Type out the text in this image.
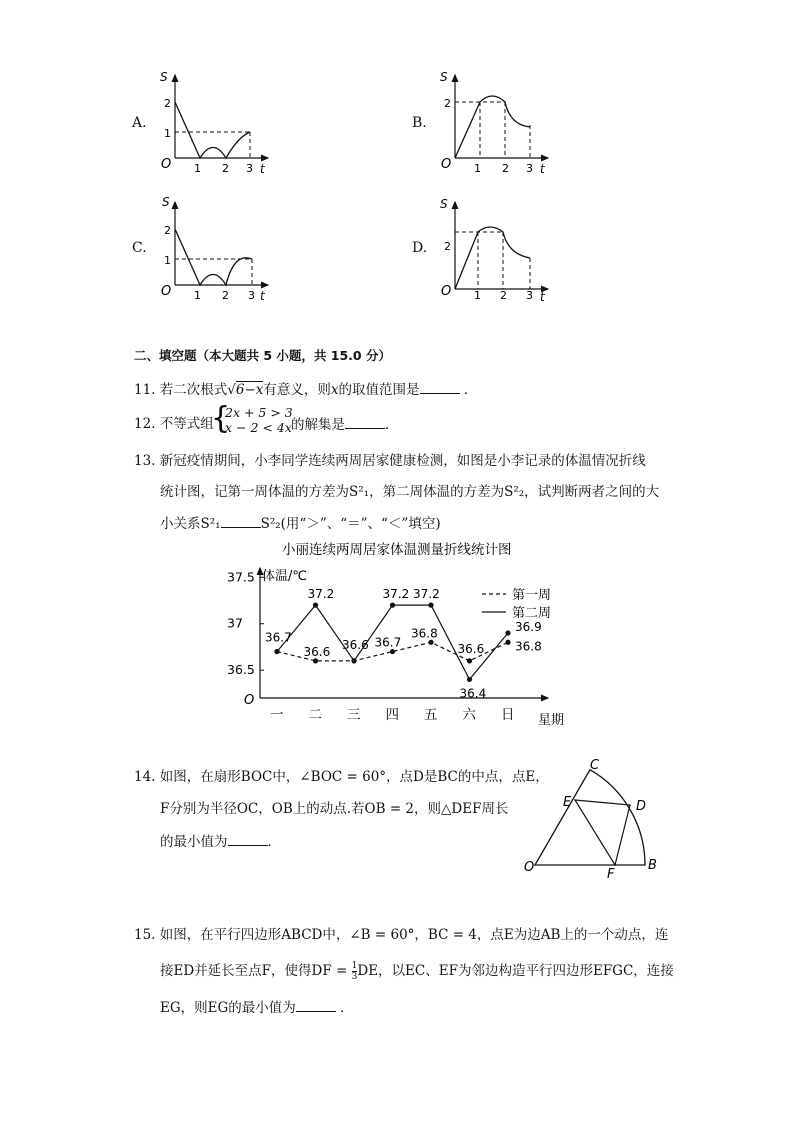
A.
S
t
O 1 2 3
1
2
B.
S
t
O 1 2 3
2
C.
S
t
O 1 2 3
1
2
D.
S
t
O 1 2 3
2
二、填空题（本大题共 5 小题，共 15.0 分）
11. 若二次根式√6−x有意义，则x的取值范围是	．
12. 不等式组
{
2x + 5 > 3
x − 2 < 4x 的解集是	．
13. 新冠疫情期间，小李同学连续两周居家健康检测，如图是小李记录的体温情况折线
统计图，记第一周体温的方差为S²₁，第二周体温的方差为S²₂，试判断两者之间的大
小关系S²₁	S²₂(用“＞”、“＝”、“＜”填空)
小丽连续两周居家体温测量折线统计图
体温/℃
星期
O
37.5
37
36.5
一 二 三 四 五 六 日
第一周
第二周
36.7
37.2
36.6 36.6
37.2
36.7
37.2
36.8
36.6
36.4
36.9
36.8
14. 如图，在扇形BOC中，∠BOC = 60°，点D是BC的中点，点E，
F分别为半径OC，OB上的动点.若OB = 2，则△DEF周长
的最小值为	．
C
E	D
O	F
B
15. 如图，在平行四边形ABCD中，∠B = 60°，BC = 4，点E为边AB上的一个动点，连
接ED并延长至点F，使得DF = $\frac{1}{3}$ DE，以EC、EF为邻边构造平行四边形EFGC，连接
EG，则EG的最小值为	．
